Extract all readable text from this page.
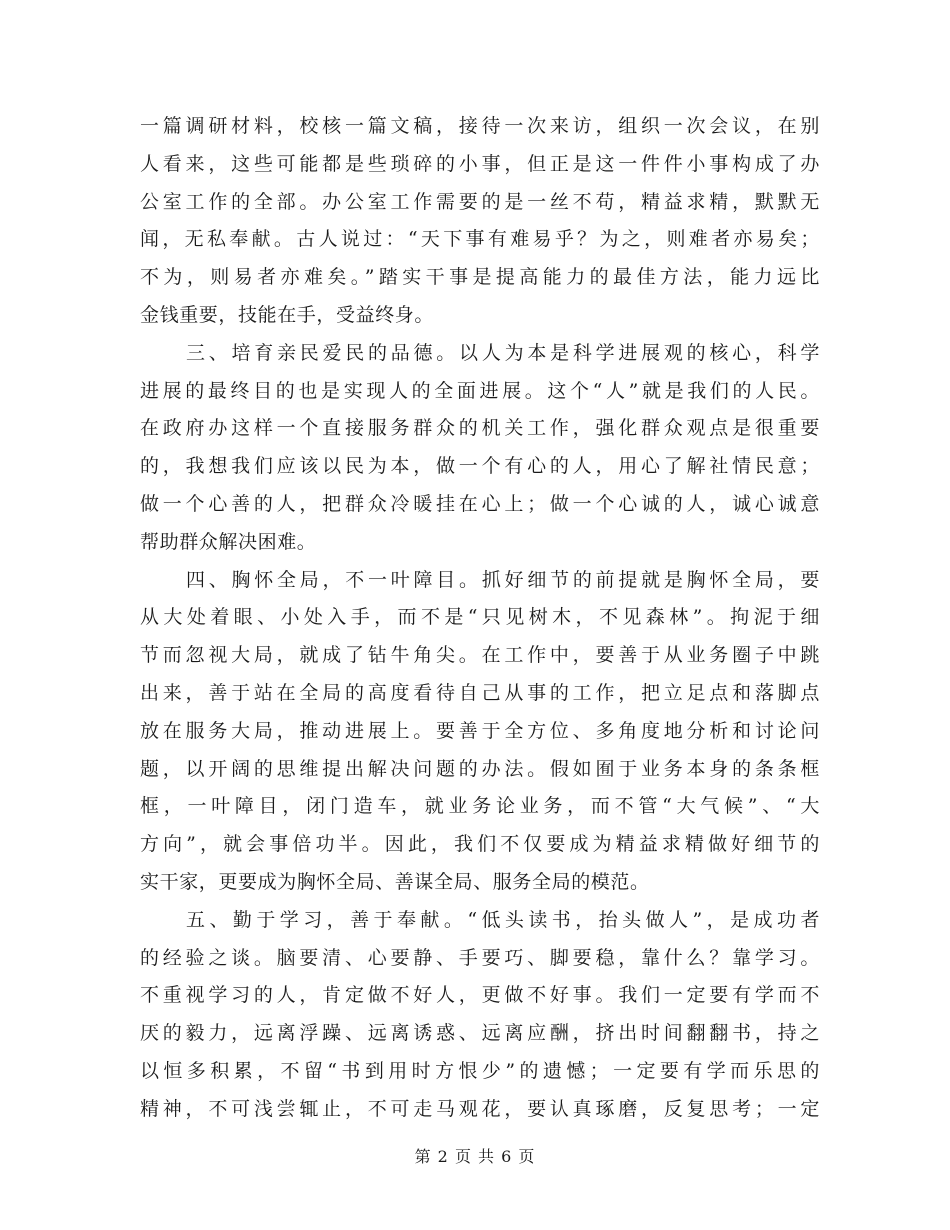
一篇调研材料，校核一篇文稿，接待一次来访，组织一次会议，在别
人看来，这些可能都是些琐碎的小事，但正是这一件件小事构成了办
公室工作的全部。办公室工作需要的是一丝不苟，精益求精，默默无
闻，无私奉献。古人说过：“天下事有难易乎？为之，则难者亦易矣；
不为，则易者亦难矣。”踏实干事是提高能力的最佳方法，能力远比
金钱重要，技能在手，受益终身。
三、培育亲民爱民的品德。以人为本是科学进展观的核心，科学
进展的最终目的也是实现人的全面进展。这个“人”就是我们的人民。
在政府办这样一个直接服务群众的机关工作，强化群众观点是很重要
的，我想我们应该以民为本，做一个有心的人，用心了解社情民意；
做一个心善的人，把群众冷暖挂在心上；做一个心诚的人，诚心诚意
帮助群众解决困难。
四、胸怀全局，不一叶障目。抓好细节的前提就是胸怀全局，要
从大处着眼、小处入手，而不是“只见树木，不见森林”。拘泥于细
节而忽视大局，就成了钻牛角尖。在工作中，要善于从业务圈子中跳
出来，善于站在全局的高度看待自己从事的工作，把立足点和落脚点
放在服务大局，推动进展上。要善于全方位、多角度地分析和讨论问
题，以开阔的思维提出解决问题的办法。假如囿于业务本身的条条框
框，一叶障目，闭门造车，就业务论业务，而不管“大气候”、“大
方向”，就会事倍功半。因此，我们不仅要成为精益求精做好细节的
实干家，更要成为胸怀全局、善谋全局、服务全局的模范。
五、勤于学习，善于奉献。“低头读书，抬头做人”，是成功者
的经验之谈。脑要清、心要静、手要巧、脚要稳，靠什么？靠学习。
不重视学习的人，肯定做不好人，更做不好事。我们一定要有学而不
厌的毅力，远离浮躁、远离诱惑、远离应酬，挤出时间翻翻书，持之
以恒多积累，不留“书到用时方恨少”的遗憾；一定要有学而乐思的
精神，不可浅尝辄止，不可走马观花，要认真琢磨，反复思考；一定
第 2 页 共 6 页
